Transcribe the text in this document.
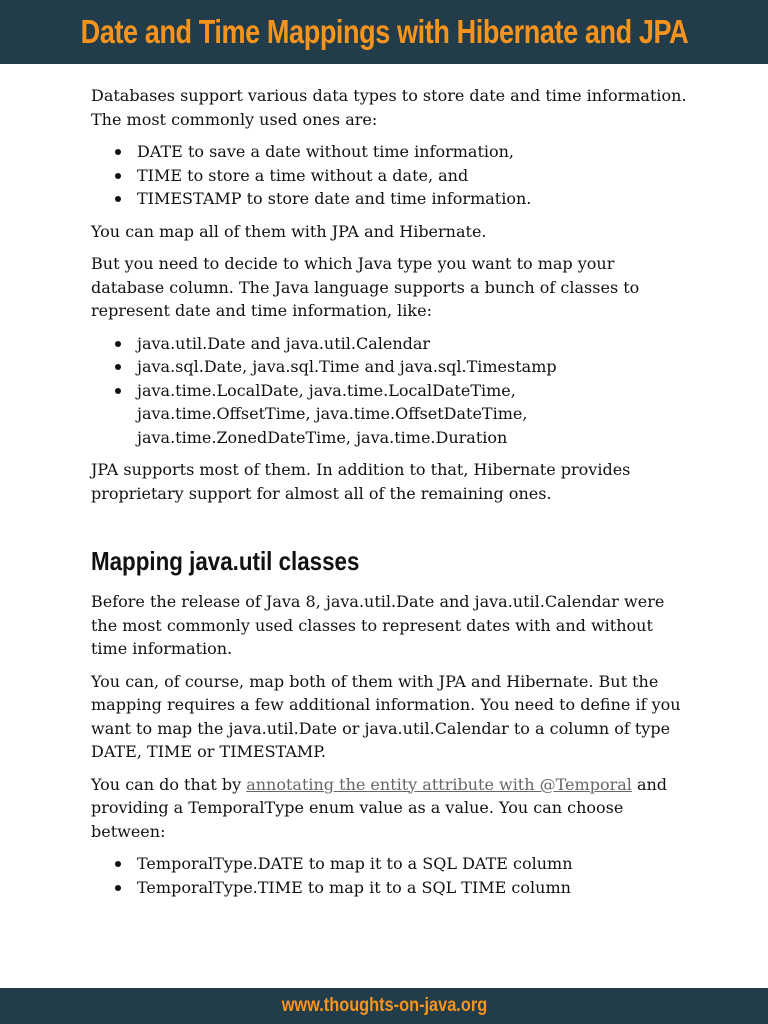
Date and Time Mappings with Hibernate and JPA

Databases support various data types to store date and time information. The most commonly used ones are:

DATE to save a date without time information,
TIME to store a time without a date, and
TIMESTAMP to store date and time information.

You can map all of them with JPA and Hibernate.

But you need to decide to which Java type you want to map your database column. The Java language supports a bunch of classes to represent date and time information, like:

java.util.Date and java.util.Calendar
java.sql.Date, java.sql.Time and java.sql.Timestamp
java.time.LocalDate, java.time.LocalDateTime, java.time.OffsetTime, java.time.OffsetDateTime, java.time.ZonedDateTime, java.time.Duration

JPA supports most of them. In addition to that, Hibernate provides proprietary support for almost all of the remaining ones.

Mapping java.util classes

Before the release of Java 8, java.util.Date and java.util.Calendar were the most commonly used classes to represent dates with and without time information.

You can, of course, map both of them with JPA and Hibernate. But the mapping requires a few additional information. You need to define if you want to map the java.util.Date or java.util.Calendar to a column of type DATE, TIME or TIMESTAMP.

You can do that by annotating the entity attribute with @Temporal and providing a TemporalType enum value as a value. You can choose between:

TemporalType.DATE to map it to a SQL DATE column
TemporalType.TIME to map it to a SQL TIME column
www.thoughts-on-java.org
